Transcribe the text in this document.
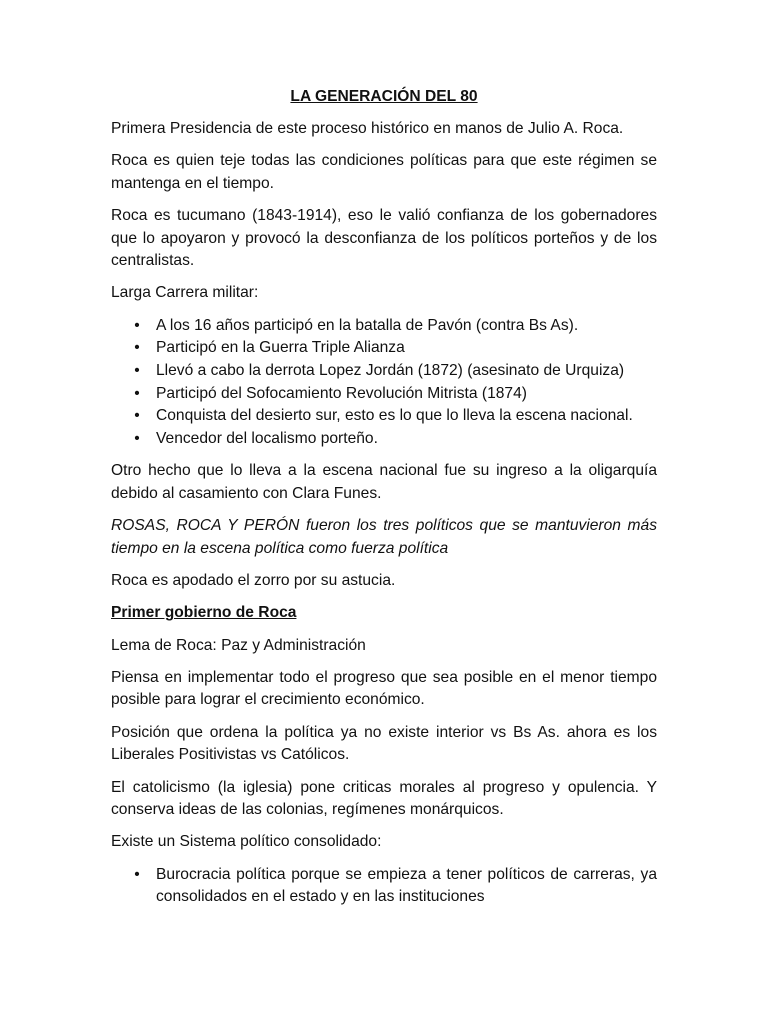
LA GENERACIÓN DEL 80

Primera Presidencia de este proceso histórico en manos de Julio A. Roca.

Roca es quien teje todas las condiciones políticas para que este régimen se mantenga en el tiempo.

Roca es tucumano (1843-1914), eso le valió confianza de los gobernadores que lo apoyaron y provocó la desconfianza de los políticos porteños y de los centralistas.

Larga Carrera militar:

• A los 16 años participó en la batalla de Pavón (contra Bs As).
• Participó en la Guerra Triple Alianza
• Llevó a cabo la derrota Lopez Jordán (1872) (asesinato de Urquiza)
• Participó del Sofocamiento Revolución Mitrista (1874)
• Conquista del desierto sur, esto es lo que lo lleva la escena nacional.
• Vencedor del localismo porteño.

Otro hecho que lo lleva a la escena nacional fue su ingreso a la oligarquía debido al casamiento con Clara Funes.

ROSAS, ROCA Y PERÓN fueron los tres políticos que se mantuvieron más tiempo en la escena política como fuerza política

Roca es apodado el zorro por su astucia.

Primer gobierno de Roca

Lema de Roca: Paz y Administración

Piensa en implementar todo el progreso que sea posible en el menor tiempo posible para lograr el crecimiento económico.

Posición que ordena la política ya no existe interior vs Bs As. ahora es los Liberales Positivistas vs Católicos.

El catolicismo (la iglesia) pone criticas morales al progreso y opulencia. Y conserva ideas de las colonias, regímenes monárquicos.

Existe un Sistema político consolidado:

• Burocracia política porque se empieza a tener políticos de carreras, ya consolidados en el estado y en las instituciones
